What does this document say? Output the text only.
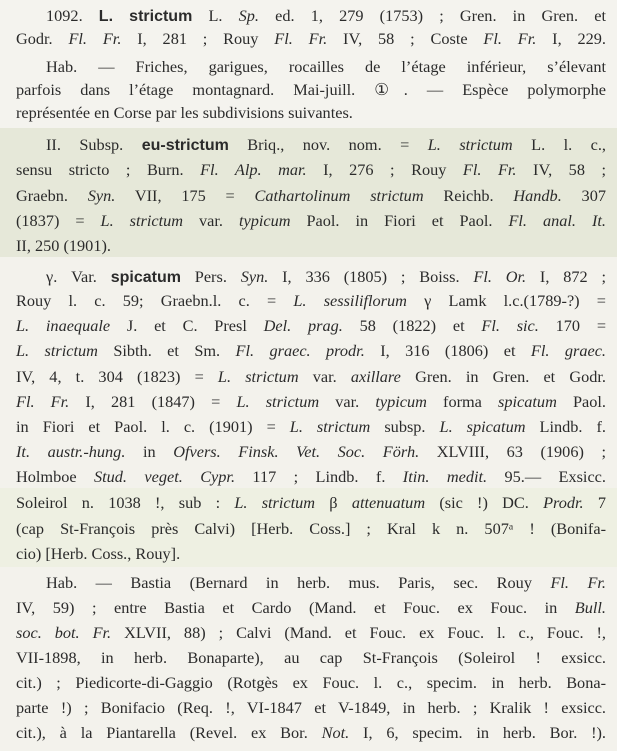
1092. L. strictum L. Sp. ed. 1, 279 (1753) ; Gren. in Gren. et
Godr. Fl. Fr. I, 281 ; Rouy Fl. Fr. IV, 58 ; Coste Fl. Fr. I, 229.
Hab. — Friches, garigues, rocailles de l’étage inférieur, s’élevant
parfois dans l’étage montagnard. Mai-juill. ①. — Espèce polymorphe
représentée en Corse par les subdivisions suivantes.
II. Subsp. eu-strictum Briq., nov. nom. = L. strictum L. l. c.,
sensu stricto ; Burn. Fl. Alp. mar. I, 276 ; Rouy Fl. Fr. IV, 58 ;
Graebn. Syn. VII, 175 = Cathartolinum strictum Reichb. Handb. 307
(1837) = L. strictum var. typicum Paol. in Fiori et Paol. Fl. anal. It.
II, 250 (1901).
γ. Var. spicatum Pers. Syn. I, 336 (1805) ; Boiss. Fl. Or. I, 872 ;
Rouy l. c. 59; Graebn.l. c. = L. sessiliflorum γ Lamk l.c.(1789-?) =
L. inaequale J. et C. Presl Del. prag. 58 (1822) et Fl. sic. 170 =
L. strictum Sibth. et Sm. Fl. graec. prodr. I, 316 (1806) et Fl. graec.
IV, 4, t. 304 (1823) = L. strictum var. axillare Gren. in Gren. et Godr.
Fl. Fr. I, 281 (1847) = L. strictum var. typicum forma spicatum Paol.
in Fiori et Paol. l. c. (1901) = L. strictum subsp. L. spicatum Lindb. f.
It. austr.-hung. in Ofvers. Finsk. Vet. Soc. Förh. XLVIII, 63 (1906) ;
Holmboe Stud. veget. Cypr. 117 ; Lindb. f. Itin. medit. 95.— Exsicc.
Soleirol n. 1038 !, sub : L. strictum β attenuatum (sic !) DC. Prodr. 7
(cap St-François près Calvi) [Herb. Coss.] ; Kral k n. 507ᵃ ! (Bonifa-
cio) [Herb. Coss., Rouy].
Hab. — Bastia (Bernard in herb. mus. Paris, sec. Rouy Fl. Fr.
IV, 59) ; entre Bastia et Cardo (Mand. et Fouc. ex Fouc. in Bull.
soc. bot. Fr. XLVII, 88) ; Calvi (Mand. et Fouc. ex Fouc. l. c., Fouc. !,
VII-1898, in herb. Bonaparte), au cap St-François (Soleirol ! exsicc.
cit.) ; Piedicorte-di-Gaggio (Rotgès ex Fouc. l. c., specim. in herb. Bona-
parte !) ; Bonifacio (Req. !, VI-1847 et V-1849, in herb. ; Kralik ! exsicc.
cit.), à la Piantarella (Revel. ex Bor. Not. I, 6, specim. in herb. Bor. !).
